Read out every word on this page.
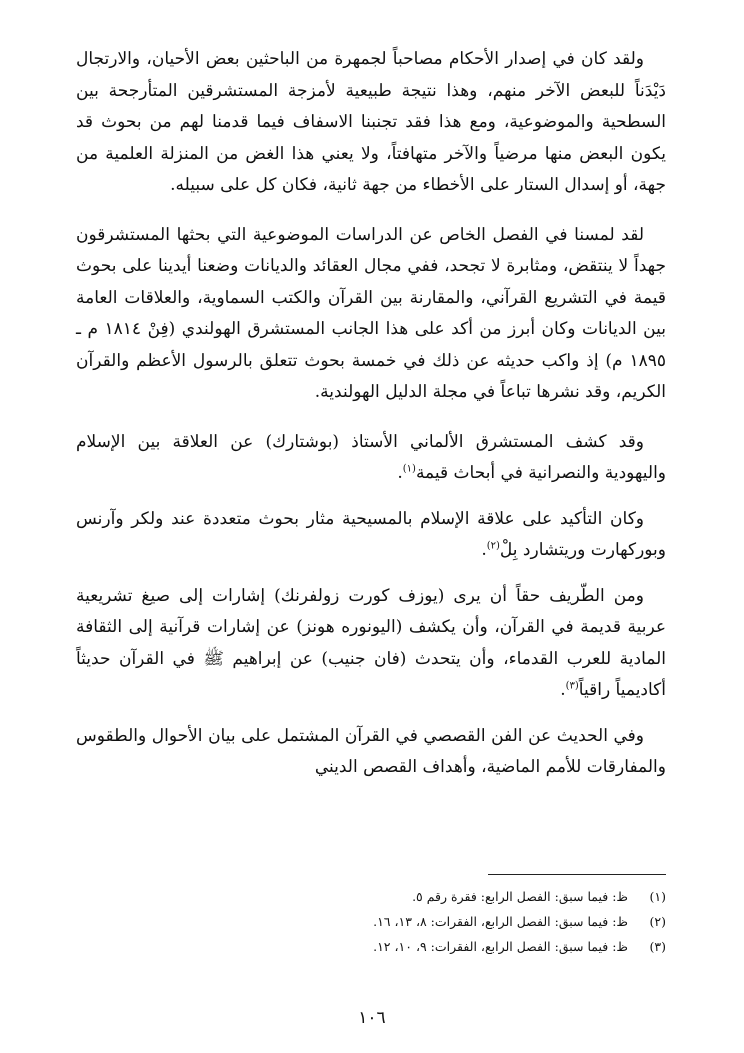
ولقد كان في إصدار الأحكام مصاحباً لجمهرة من الباحثين بعض الأحيان، والارتجال دَيْدَناً للبعض الآخر منهم، وهذا نتيجة طبيعية لأمزجة المستشرقين المتأرجحة بين السطحية والموضوعية، ومع هذا فقد تجنبنا الاسفاف فيما قدمنا لهم من بحوث قد يكون البعض منها مرضياً والآخر متهافتاً، ولا يعني هذا الغض من المنزلة العلمية من جهة، أو إسدال الستار على الأخطاء من جهة ثانية، فكان كل على سبيله.

لقد لمسنا في الفصل الخاص عن الدراسات الموضوعية التي بحثها المستشرقون جهداً لا ينتقض، ومثابرة لا تجحد، ففي مجال العقائد والديانات وضعنا أيدينا على بحوث قيمة في التشريع القرآني، والمقارنة بين القرآن والكتب السماوية، والعلاقات العامة بين الديانات وكان أبرز من أكد على هذا الجانب المستشرق الهولندي (فِنْ ١٨١٤ م ـ ١٨٩٥ م) إذ واكب حديثه عن ذلك في خمسة بحوث تتعلق بالرسول الأعظم والقرآن الكريم، وقد نشرها تباعاً في مجلة الدليل الهولندية.

وقد كشف المستشرق الألماني الأستاذ (بوشتارك) عن العلاقة بين الإسلام واليهودية والنصرانية في أبحاث قيمة$^{(١)}$.

وكان التأكيد على علاقة الإسلام بالمسيحية مثار بحوث متعددة عند ولكر وآرنس وبوركهارت وريتشارد بِلْ$^{(٢)}$.

ومن الطّريف حقاً أن يرى (يوزف كورت زولفرنك) إشارات إلى صيغ تشريعية عربية قديمة في القرآن، وأن يكشف (اليونوره هونز) عن إشارات قرآنية إلى الثقافة المادية للعرب القدماء، وأن يتحدث (فان جنيب) عن إبراهيم ﷺ في القرآن حديثاً أكاديمياً راقياً$^{(٣)}$.

وفي الحديث عن الفن القصصي في القرآن المشتمل على بيان الأحوال والطقوس والمفارقات للأمم الماضية، وأهداف القصص الديني

(١)
ظ: فيما سبق: الفصل الرابع: فقرة رقم ٥.
(٢)
ظ: فيما سبق: الفصل الرابع، الفقرات: ٨، ١٣، ١٦.
(٣)
ظ: فيما سبق: الفصل الرابع، الفقرات: ٩، ١٠، ١٢.
١٠٦
